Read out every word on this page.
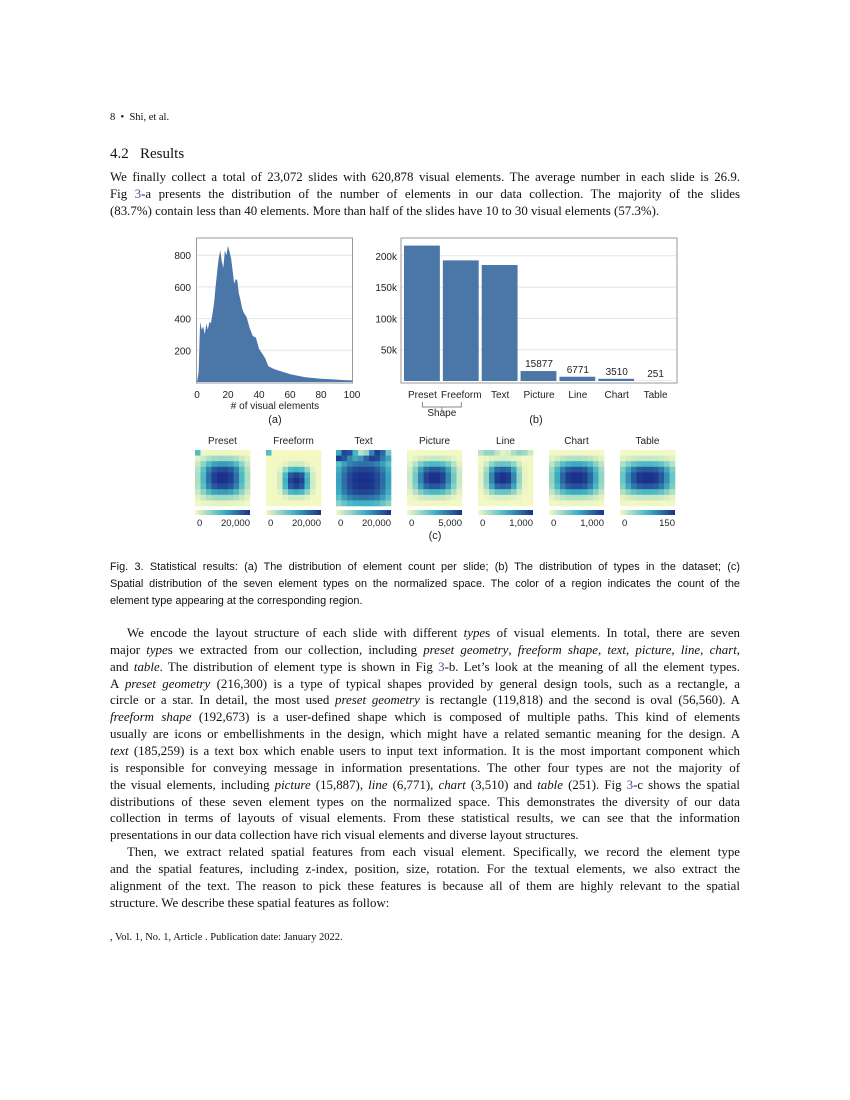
8 • Shi, et al.
4.2 Results
We finally collect a total of 23,072 slides with 620,878 visual elements. The average number in each slide is 26.9.
Fig 3-a presents the distribution of the number of elements in our data collection. The majority of the slides
(83.7%) contain less than 40 elements. More than half of the slides have 10 to 30 visual elements (57.3%).
200
400
600
800
0 20 40 60 80 100
# of visual elements
(a)
50k
100k
150k
200k
Preset Freeform Text
15877
Picture
6771
Line
3510
Chart
251
Table
Shape
(b)
Preset
0 20,000
Freeform
0 20,000
Text
0 20,000
Picture
0	5,000
Line
0	1,000
Chart
0	1,000
Table
0	150
(c)
Fig. 3. Statistical results: (a) The distribution of element count per slide; (b) The distribution of types in the dataset; (c)
Spatial distribution of the seven element types on the normalized space. The color of a region indicates the count of the
element type appearing at the corresponding region.
We encode the layout structure of each slide with different types of visual elements. In total, there are seven
major types we extracted from our collection, including preset geometry, freeform shape, text, picture, line, chart,
and table. The distribution of element type is shown in Fig 3-b. Let’s look at the meaning of all the element types.
A preset geometry (216,300) is a type of typical shapes provided by general design tools, such as a rectangle, a
circle or a star. In detail, the most used preset geometry is rectangle (119,818) and the second is oval (56,560). A
freeform shape (192,673) is a user-defined shape which is composed of multiple paths. This kind of elements
usually are icons or embellishments in the design, which might have a related semantic meaning for the design. A
text (185,259) is a text box which enable users to input text information. It is the most important component which
is responsible for conveying message in information presentations. The other four types are not the majority of
the visual elements, including picture (15,887), line (6,771), chart (3,510) and table (251). Fig 3-c shows the spatial
distributions of these seven element types on the normalized space. This demonstrates the diversity of our data
collection in terms of layouts of visual elements. From these statistical results, we can see that the information
presentations in our data collection have rich visual elements and diverse layout structures.
Then, we extract related spatial features from each visual element. Specifically, we record the element type
and the spatial features, including z-index, position, size, rotation. For the textual elements, we also extract the
alignment of the text. The reason to pick these features is because all of them are highly relevant to the spatial
structure. We describe these spatial features as follow:
, Vol. 1, No. 1, Article . Publication date: January 2022.
